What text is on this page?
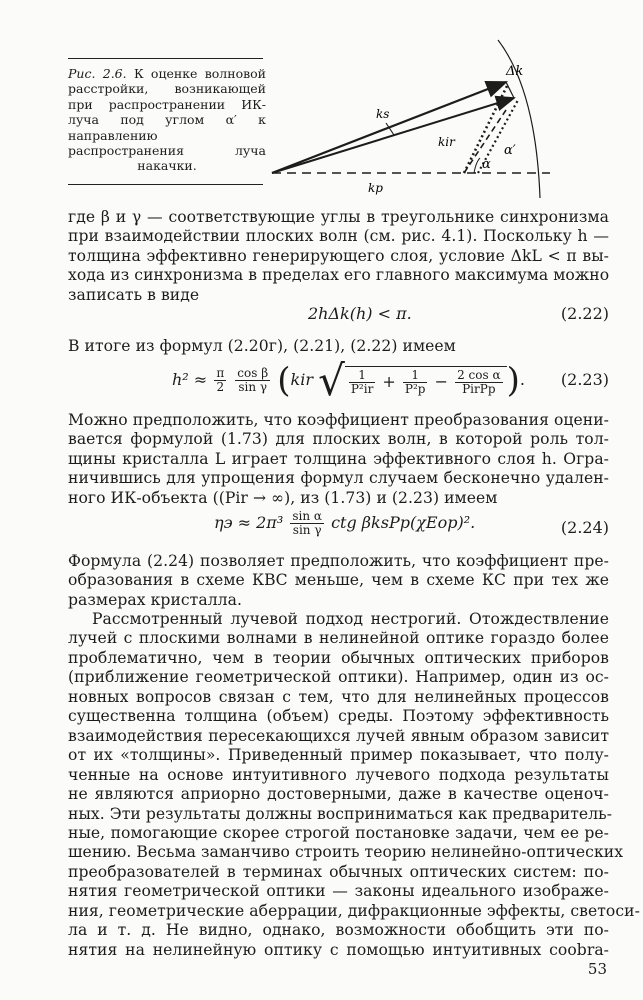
Рис. 2.6. К оценке волновой расстройки, возникающей при распространении ИК-луча под углом α′ к направлению распространения луча накачки.
Δk
ks
kir
α′
α
kp
где β и γ — соответствующие углы в треугольнике синхронизма
при взаимодействии плоских волн (см. рис. 4.1). Поскольку h —
толщина эффективно генерирующего слоя, условие ΔkL < π вы-
хода из синхронизма в пределах его главного максимума можно
записать в виде
2hΔk(h) < π.	(2.22)
В итоге из формул (2.20г), (2.21), (2.22) имеем
$h^2 \approx \frac{\pi}{2}$
$\frac{\text{cos β}}{\text{sin γ}} (kir$ √ $\frac{1}{\text{P²ir}} + \frac{1}{\text{P²p}} - \frac{\text{2 cos α}}{\text{PirPp}}$ ). (2.23)
Можно предположить, что коэффициент преобразования оцени-
вается формулой (1.73) для плоских волн, в которой роль тол-
щины кристалла L играет толщина эффективного слоя h. Огра-
ничившись для упрощения формул случаем бесконечно удален-
ного ИК-объекта ((Pir → ∞), из (1.73) и (2.23) имеем
$\eta э \approx 2\pi^3 \frac{\text{sin α}}{\text{sin γ}}$ ctg βksPp(χEop)².	(2.24)
Формула (2.24) позволяет предположить, что коэффициент пре-
образования в схеме КВС меньше, чем в схеме КС при тех же
размерах кристалла.
Рассмотренный лучевой подход нестрогий. Отождествление
лучей с плоскими волнами в нелинейной оптике гораздо более
проблематично, чем в теории обычных оптических приборов
(приближение геометрической оптики). Например, один из ос-
новных вопросов связан с тем, что для нелинейных процессов
существенна толщина (объем) среды. Поэтому эффективность
взаимодействия пересекающихся лучей явным образом зависит
от их «толщины». Приведенный пример показывает, что полу-
ченные на основе интуитивного лучевого подхода результаты
не являются априорно достоверными, даже в качестве оценоч-
ных. Эти результаты должны восприниматься как предваритель-
ные, помогающие скорее строгой постановке задачи, чем ее ре-
шению. Весьма заманчиво строить теорию нелинейно-оптических
преобразователей в терминах обычных оптических систем: по-
нятия геометрической оптики — законы идеального изображе-
ния, геометрические аберрации, дифракционные эффекты, светоси-
ла и т. д. Не видно, однако, возможности обобщить эти по-
нятия на нелинейную оптику с помощью интуитивных соobra-
53
